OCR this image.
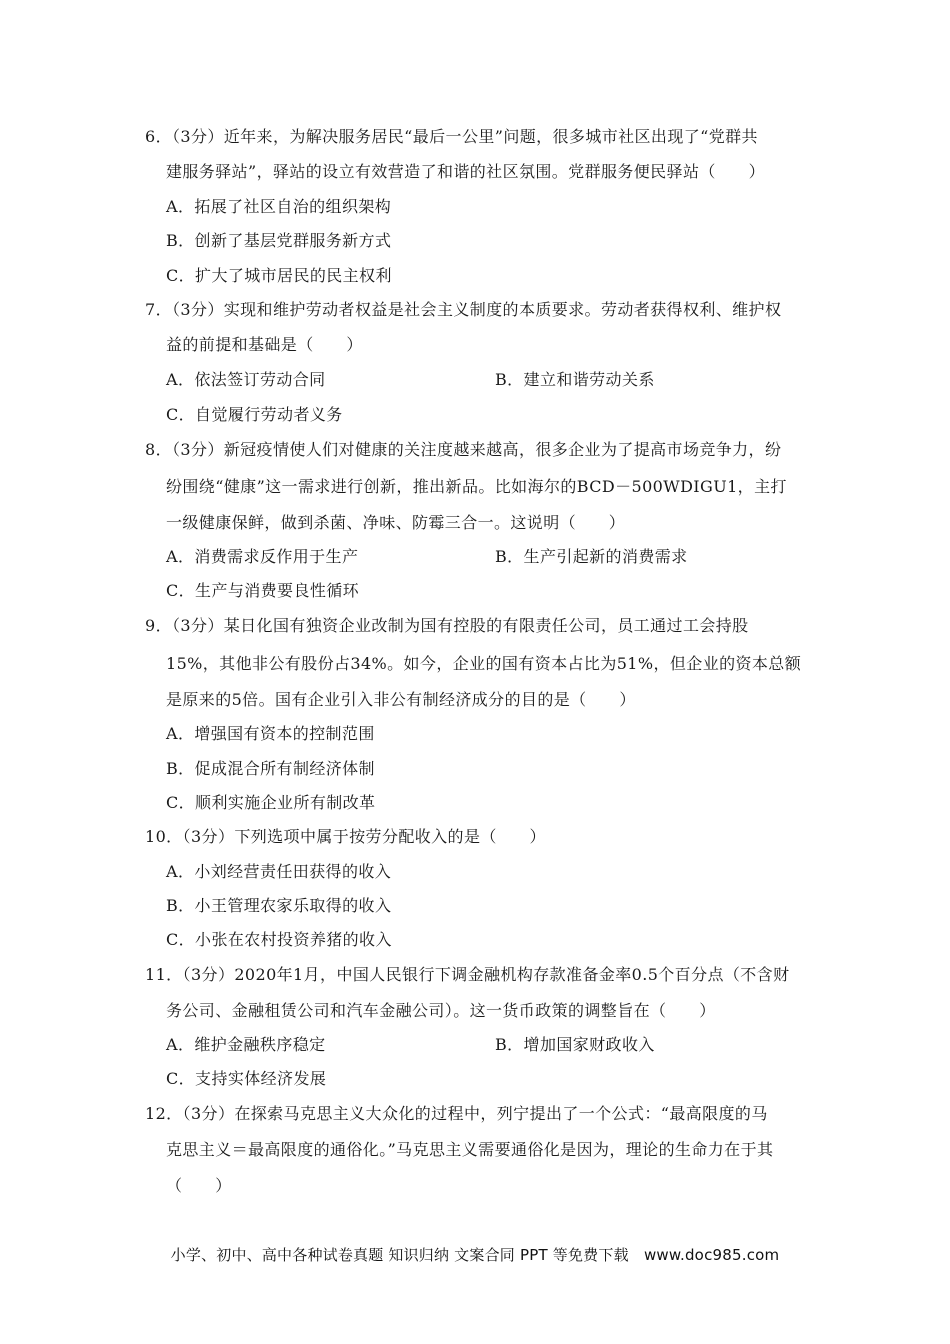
6．（3分）近年来，为解决服务居民“最后一公里”问题，很多城市社区出现了“党群共
建服务驿站”，驿站的设立有效营造了和谐的社区氛围。党群服务便民驿站（　　）
A．拓展了社区自治的组织架构
B．创新了基层党群服务新方式
C．扩大了城市居民的民主权利
7．（3分）实现和维护劳动者权益是社会主义制度的本质要求。劳动者获得权利、维护权
益的前提和基础是（　　）
A．依法签订劳动合同	B．建立和谐劳动关系
C．自觉履行劳动者义务
8．（3分）新冠疫情使人们对健康的关注度越来越高，很多企业为了提高市场竞争力，纷
纷围绕“健康”这一需求进行创新，推出新品。比如海尔的BCD－500WDIGU1，主打
一级健康保鲜，做到杀菌、净味、防霉三合一。这说明（　　）
A．消费需求反作用于生产	B．生产引起新的消费需求
C．生产与消费要良性循环
9．（3分）某日化国有独资企业改制为国有控股的有限责任公司，员工通过工会持股
15%，其他非公有股份占34%。如今，企业的国有资本占比为51%，但企业的资本总额
是原来的5倍。国有企业引入非公有制经济成分的目的是（　　）
A．增强国有资本的控制范围
B．促成混合所有制经济体制
C．顺利实施企业所有制改革
10．（3分）下列选项中属于按劳分配收入的是（　　）
A．小刘经营责任田获得的收入
B．小王管理农家乐取得的收入
C．小张在农村投资养猪的收入
11．（3分）2020年1月，中国人民银行下调金融机构存款准备金率0.5个百分点（不含财
务公司、金融租赁公司和汽车金融公司）。这一货币政策的调整旨在（　　）
A．维护金融秩序稳定	B．增加国家财政收入
C．支持实体经济发展
12．（3分）在探索马克思主义大众化的过程中，列宁提出了一个公式：“最高限度的马
克思主义＝最高限度的通俗化。”马克思主义需要通俗化是因为，理论的生命力在于其
（　　）
小学、初中、高中各种试卷真题 知识归纳 文案合同 PPT 等免费下载　www.doc985.com
